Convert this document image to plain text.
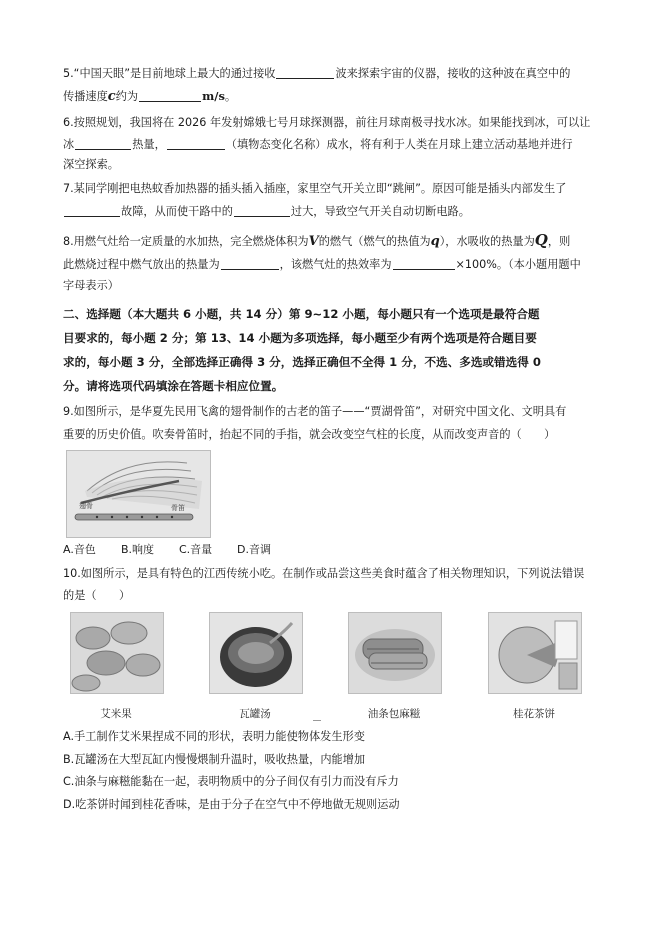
5.“中国天眼”是目前地球上最大的通过接收	波来探索宇宙的仪器，接收的这种波在真空中的
传播速度c约为	m/s。
6.按照规划，我国将在 2026 年发射嫦娥七号月球探测器，前往月球南极寻找水冰。如果能找到冰，可以让
冰	热量，	（填物态变化名称）成水，将有利于人类在月球上建立活动基地并进行
深空探索。
7.某同学刚把电热蚊香加热器的插头插入插座，家里空气开关立即“跳闸”。原因可能是插头内部发生了
故障，从而使干路中的	过大，导致空气开关自动切断电路。
8.用燃气灶给一定质量的水加热，完全燃烧体积为V的燃气（燃气的热值为q），水吸收的热量为Q，则
此燃烧过程中燃气放出的热量为	，该燃气灶的热效率为	×100%。（本小题用题中
字母表示）
二、选择题（本大题共 6 小题，共 14 分）第 9~12 小题，每小题只有一个选项是最符合题
目要求的，每小题 2 分；第 13、14 小题为多项选择，每小题至少有两个选项是符合题目要
求的，每小题 3 分，全部选择正确得 3 分，选择正确但不全得 1 分，不选、多选或错选得 0
分。请将选项代码填涂在答题卡相应位置。
9.如图所示，是华夏先民用飞禽的翅骨制作的古老的笛子——“贾湖骨笛”，对研究中国文化、文明具有
重要的历史价值。吹奏骨笛时，抬起不同的手指，就会改变空气柱的长度，从而改变声音的（　　）
翅骨	骨笛
A.音色 B.响度 C.音量 D.音调
10.如图所示，是具有特色的江西传统小吃。在制作或品尝这些美食时蕴含了相关物理知识，下列说法错误
的是（　　）
艾米果	瓦罐汤	油条包麻糍	桂花茶饼
A.手工制作艾米果捏成不同的形状，表明力能使物体发生形变
B.瓦罐汤在大型瓦缸内慢慢煨制升温时，吸收热量，内能增加
C.油条与麻糍能黏在一起，表明物质中的分子间仅有引力而没有斥力
D.吃茶饼时闻到桂花香味，是由于分子在空气中不停地做无规则运动
